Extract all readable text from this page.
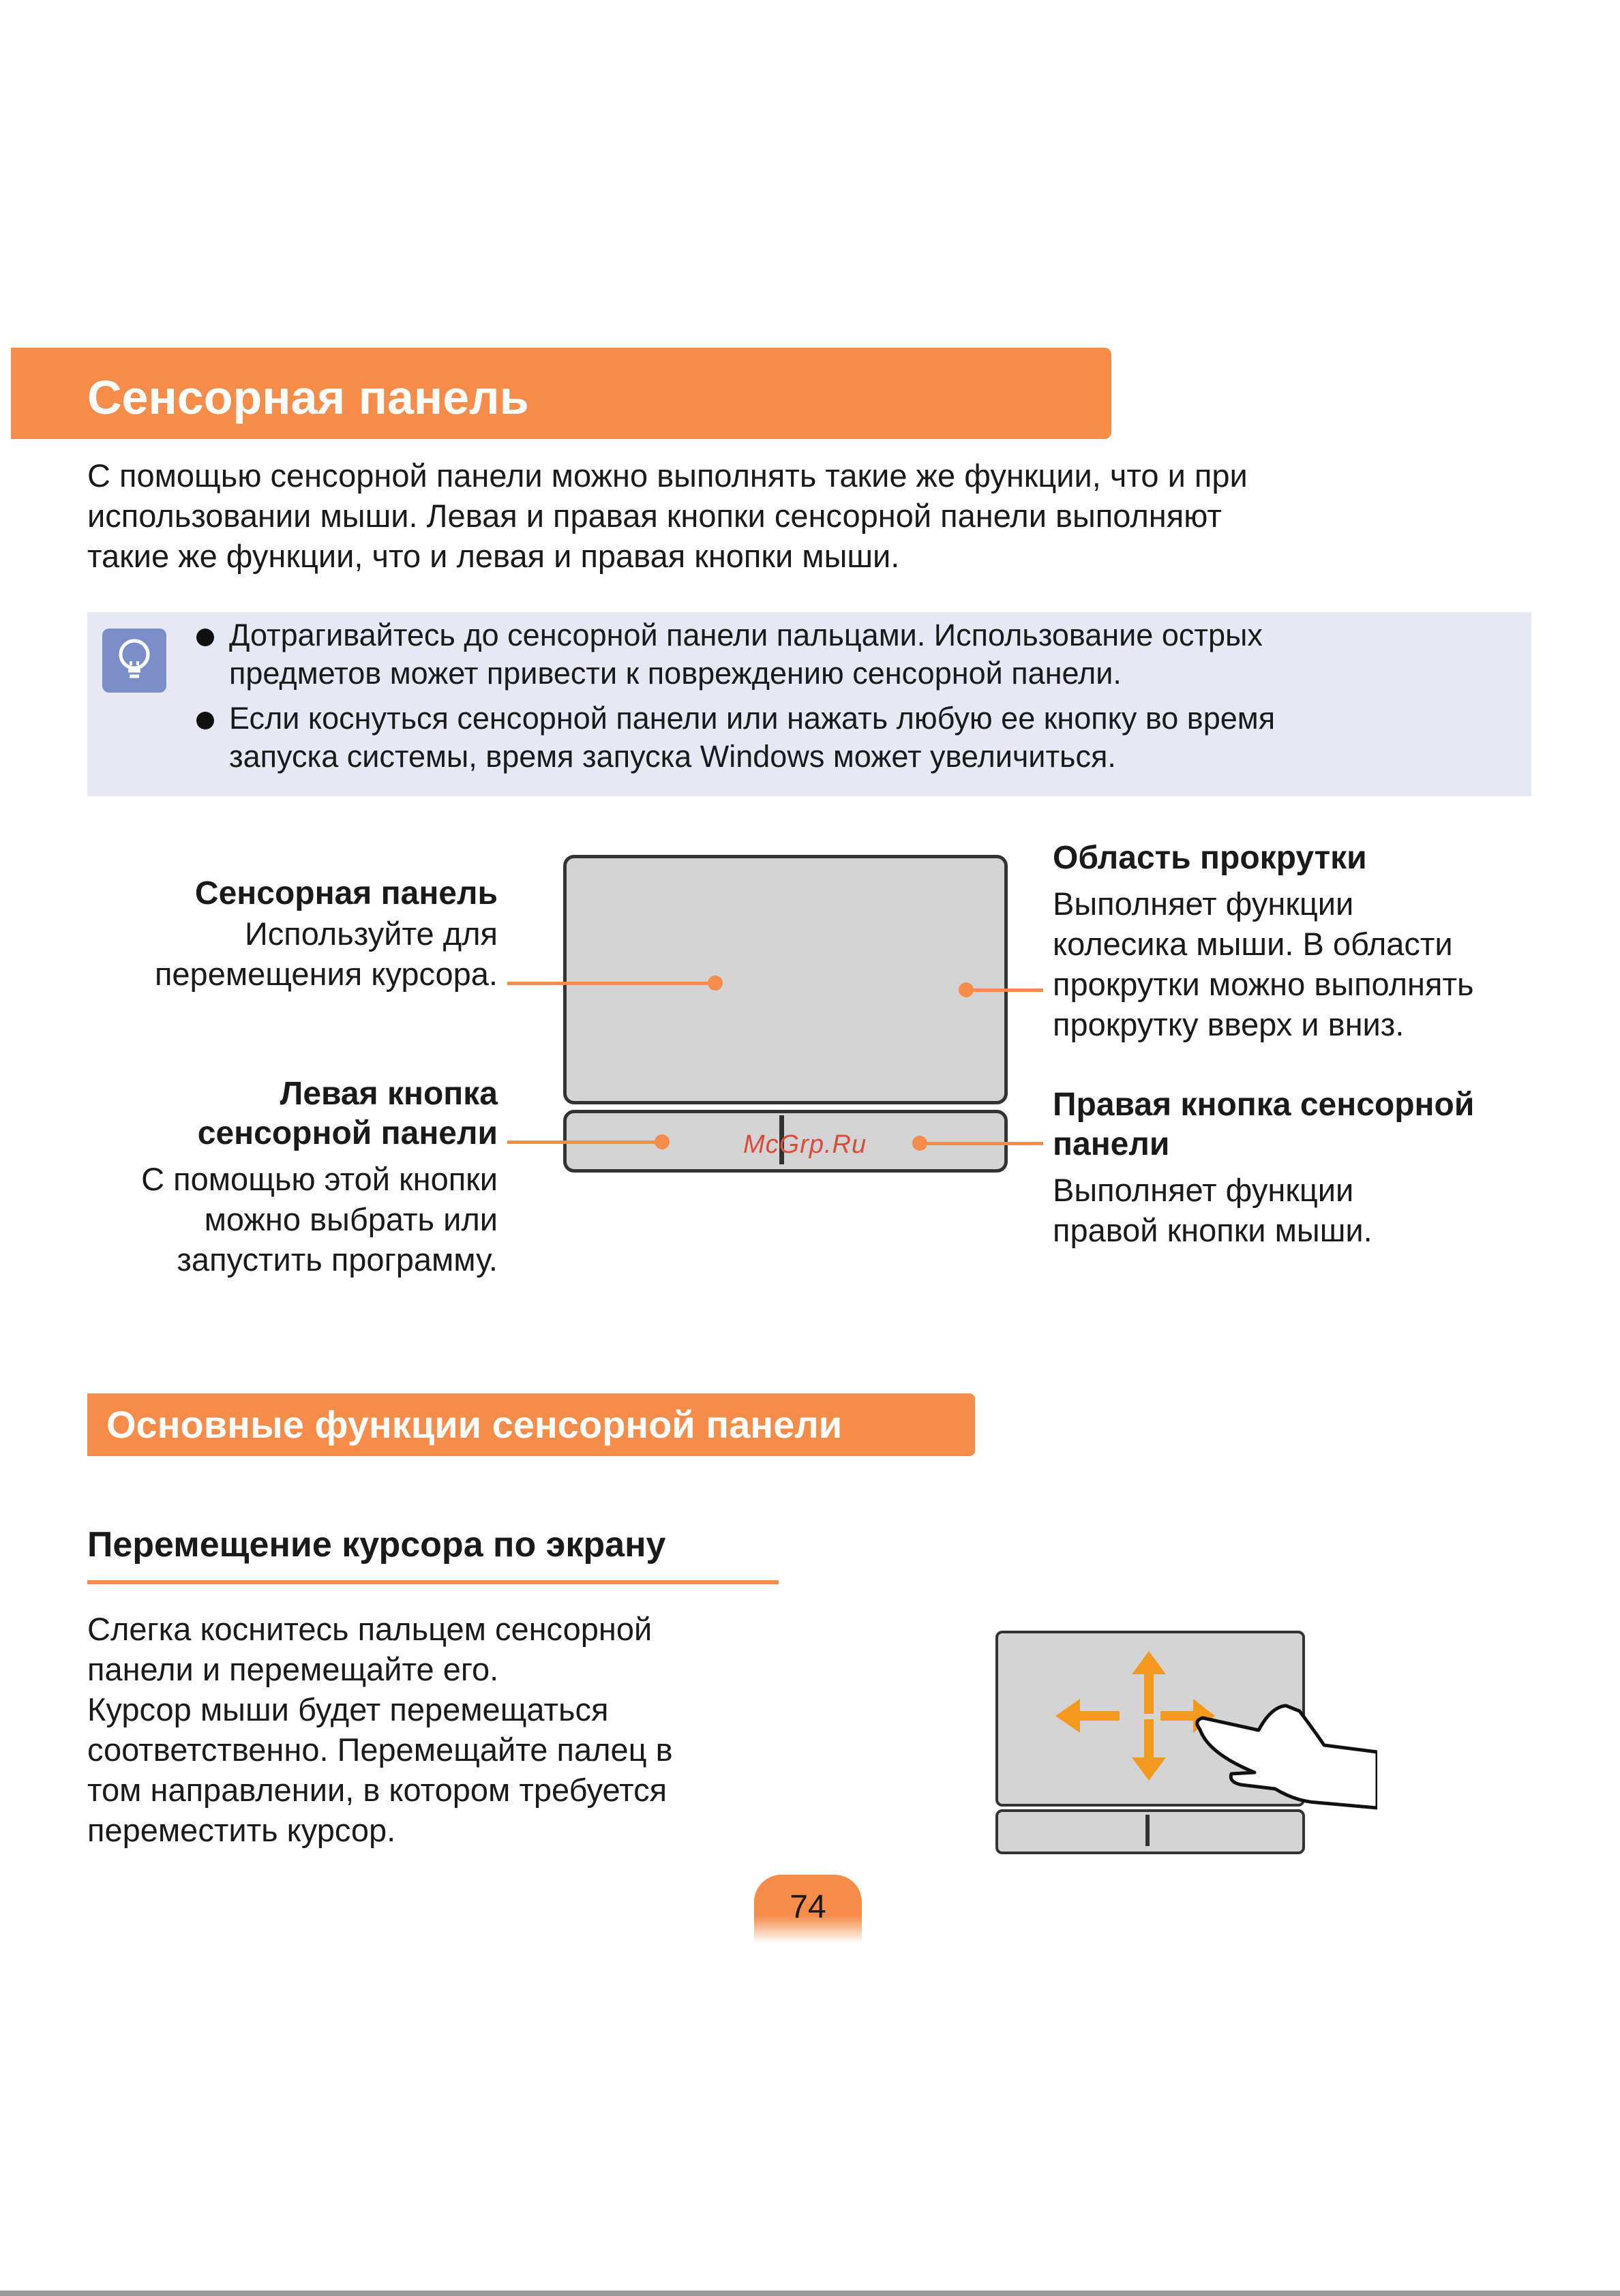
Сенсорная панель
С помощью сенсорной панели можно выполнять такие же функции, что и при
использовании мыши. Левая и правая кнопки сенсорной панели выполняют
такие же функции, что и левая и правая кнопки мыши.
Дотрагивайтесь до сенсорной панели пальцами. Использование острых
предметов может привести к повреждению сенсорной панели.
Если коснуться сенсорной панели или нажать любую ее кнопку во время
запуска системы, время запуска Windows может увеличиться.
McGrp.Ru
Сенсорная панель
Используйте для
перемещения курсора.
Левая кнопка
сенсорной панели
С помощью этой кнопки
можно выбрать или
запустить программу.
Область прокрутки
Выполняет функции
колесика мыши. В области
прокрутки можно выполнять
прокрутку вверх и вниз.
Правая кнопка сенсорной
панели
Выполняет функции
правой кнопки мыши.
Основные функции сенсорной панели
Перемещение курсора по экрану
Слегка коснитесь пальцем сенсорной
панели и перемещайте его.
Курсор мыши будет перемещаться
соответственно. Перемещайте палец в
том направлении, в котором требуется
переместить курсор.
74
